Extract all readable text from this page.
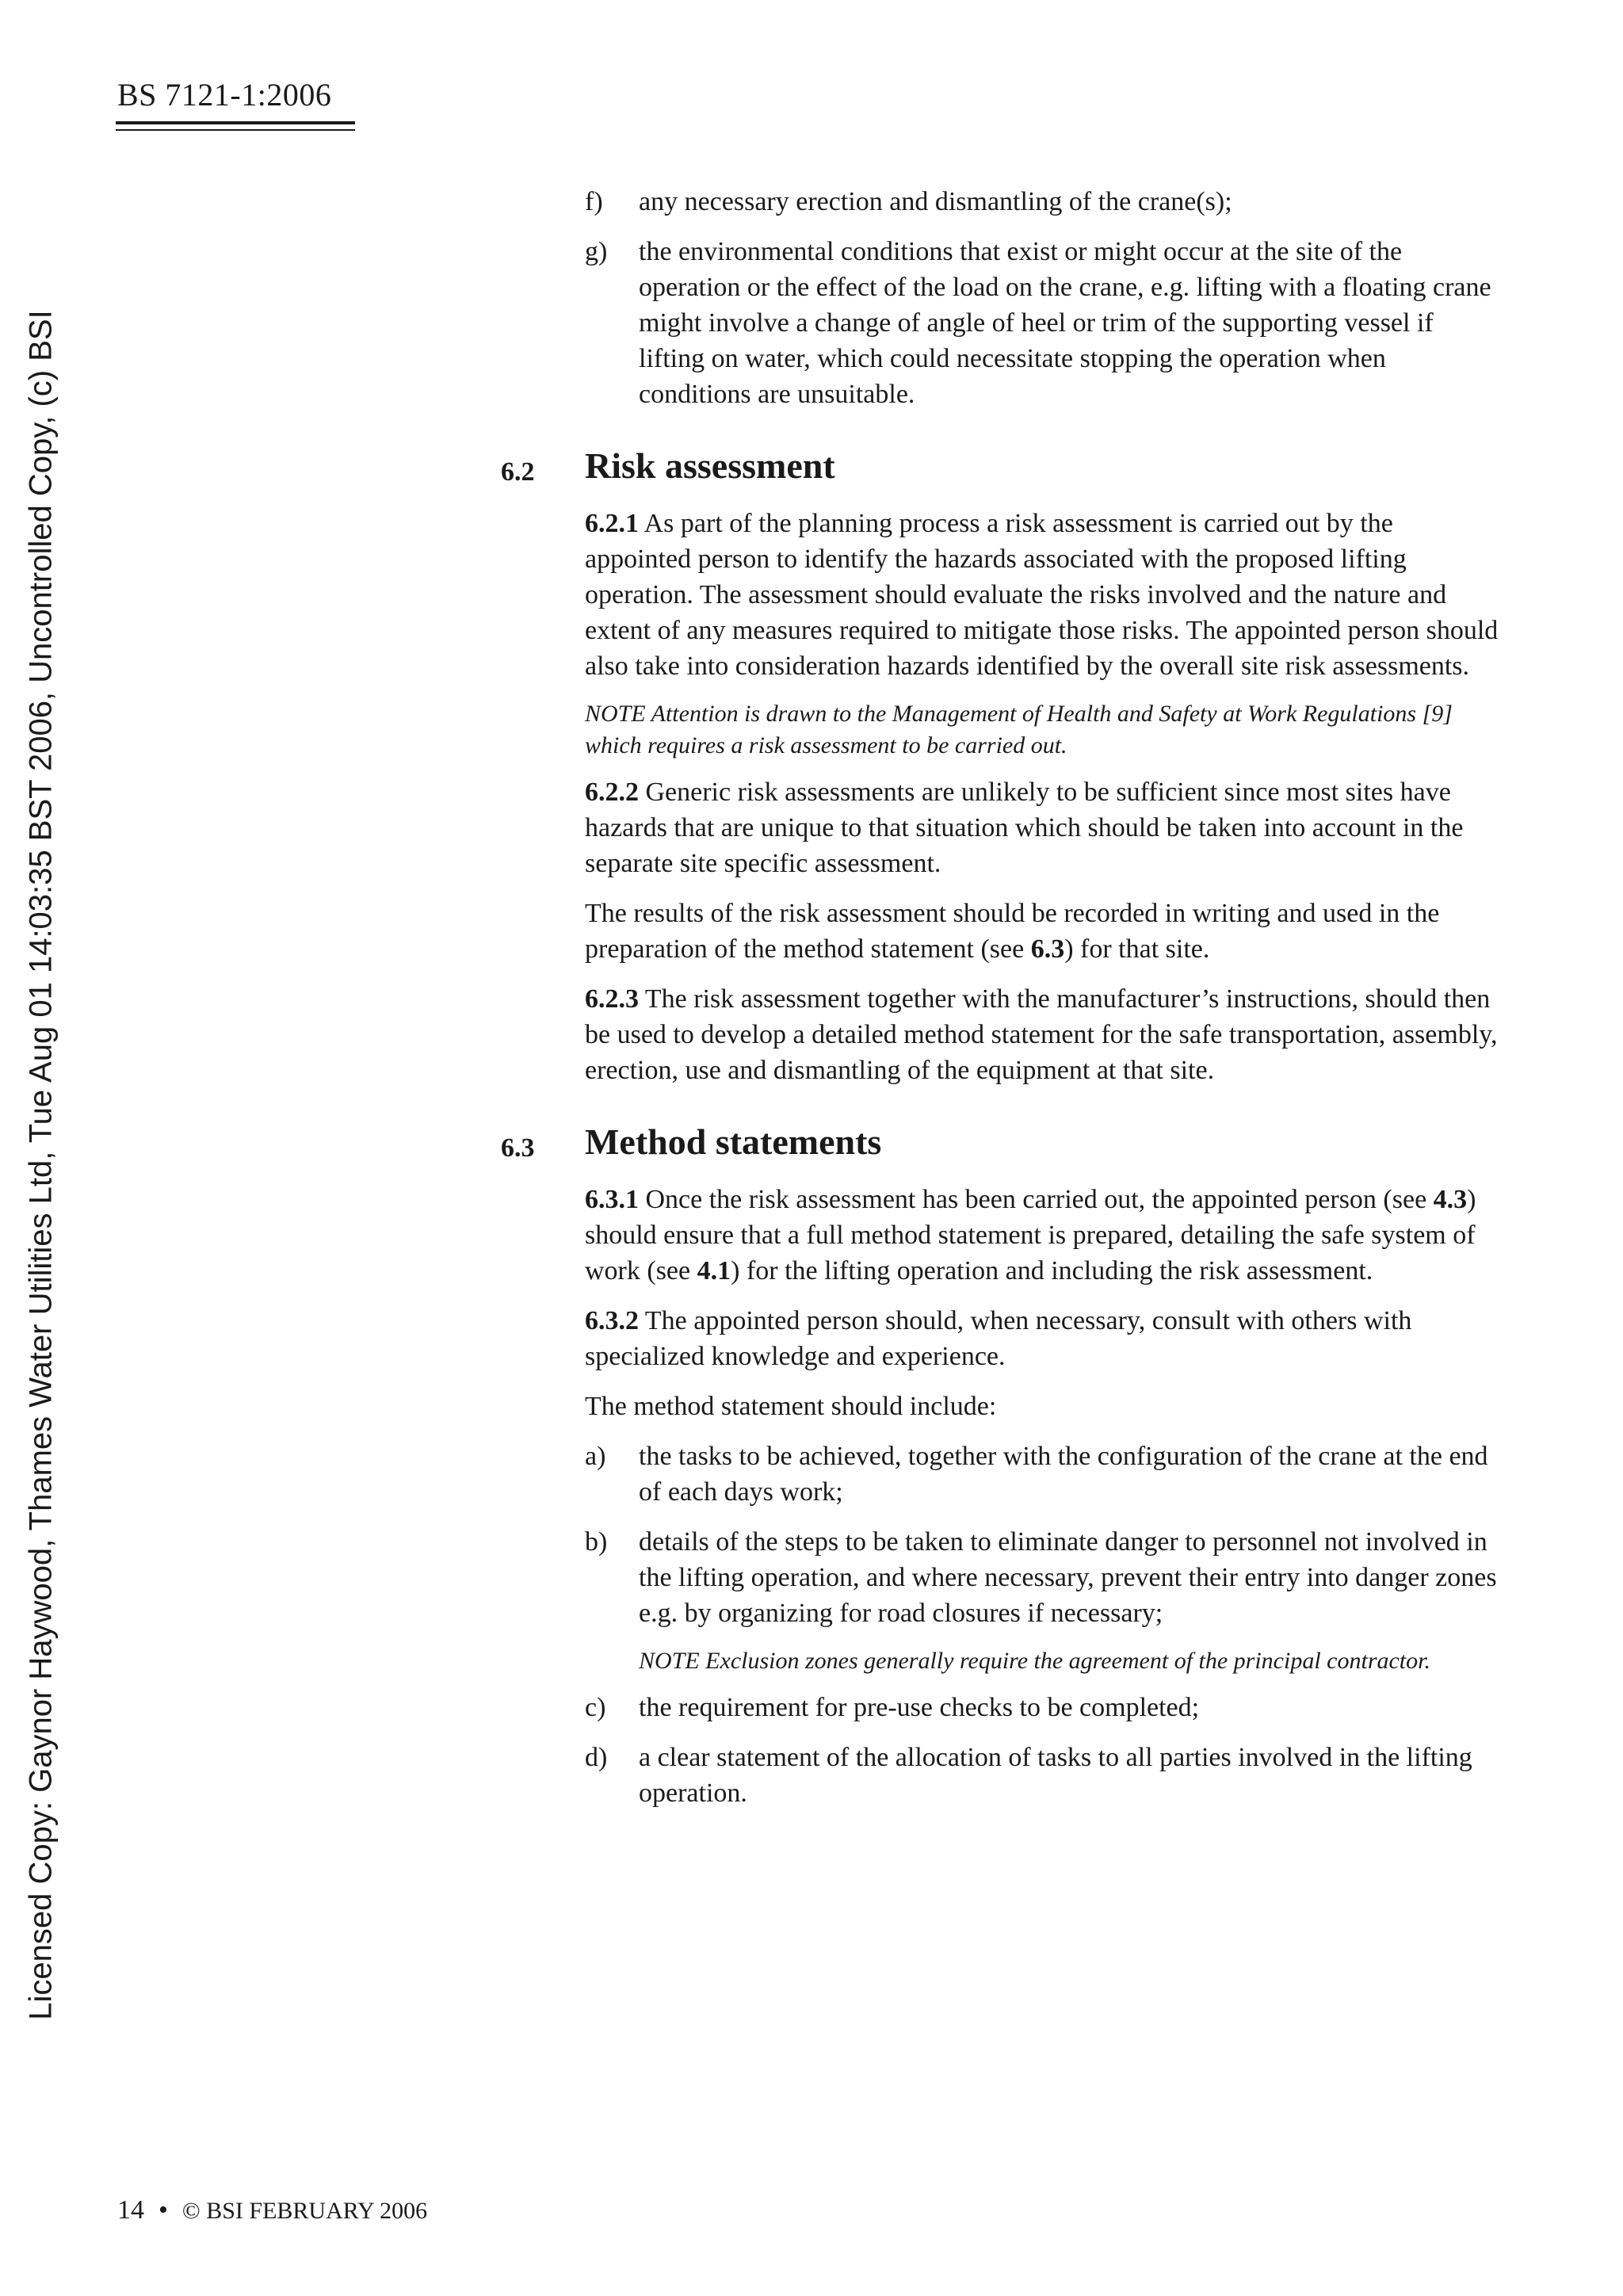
BS 7121-1:2006
Licensed Copy: Gaynor Haywood, Thames Water Utilities Ltd, Tue Aug 01 14:03:35 BST 2006, Uncontrolled Copy, (c) BSI
f) any necessary erection and dismantling of the crane(s);
g) the environmental conditions that exist or might occur at the site of the operation or the effect of the load on the crane, e.g. lifting with a floating crane might involve a change of angle of heel or trim of the supporting vessel if lifting on water, which could necessitate stopping the operation when conditions are unsuitable.
6.2 Risk assessment
6.2.1 As part of the planning process a risk assessment is carried out by the appointed person to identify the hazards associated with the proposed lifting operation. The assessment should evaluate the risks involved and the nature and extent of any measures required to mitigate those risks. The appointed person should also take into consideration hazards identified by the overall site risk assessments.
NOTE Attention is drawn to the Management of Health and Safety at Work Regulations [9] which requires a risk assessment to be carried out.
6.2.2 Generic risk assessments are unlikely to be sufficient since most sites have hazards that are unique to that situation which should be taken into account in the separate site specific assessment.
The results of the risk assessment should be recorded in writing and used in the preparation of the method statement (see 6.3) for that site.
6.2.3 The risk assessment together with the manufacturer’s instructions, should then be used to develop a detailed method statement for the safe transportation, assembly, erection, use and dismantling of the equipment at that site.
6.3 Method statements
6.3.1 Once the risk assessment has been carried out, the appointed person (see 4.3) should ensure that a full method statement is prepared, detailing the safe system of work (see 4.1) for the lifting operation and including the risk assessment.
6.3.2 The appointed person should, when necessary, consult with others with specialized knowledge and experience.
The method statement should include:
a) the tasks to be achieved, together with the configuration of the crane at the end of each days work;
b) details of the steps to be taken to eliminate danger to personnel not involved in the lifting operation, and where necessary, prevent their entry into danger zones e.g. by organizing for road closures if necessary;
NOTE Exclusion zones generally require the agreement of the principal contractor.
c) the requirement for pre-use checks to be completed;
d) a clear statement of the allocation of tasks to all parties involved in the lifting operation.
14 • © BSI FEBRUARY 2006
